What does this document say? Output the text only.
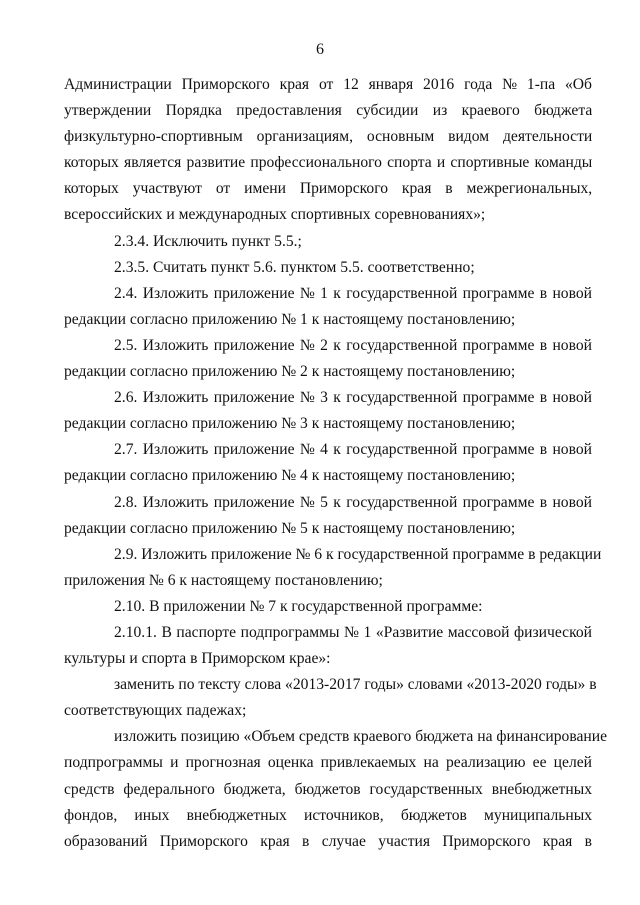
6
Администрации Приморского края от 12 января 2016 года № 1-па «Об
утверждении Порядка предоставления субсидии из краевого бюджета
физкультурно-спортивным организациям, основным видом деятельности
которых является развитие профессионального спорта и спортивные команды
которых участвуют от имени Приморского края в межрегиональных,
всероссийских и международных спортивных соревнованиях»;
2.3.4. Исключить пункт 5.5.;
2.3.5. Считать пункт 5.6. пунктом 5.5. соответственно;
2.4. Изложить приложение № 1 к государственной программе в новой
редакции согласно приложению № 1 к настоящему постановлению;
2.5. Изложить приложение № 2 к государственной программе в новой
редакции согласно приложению № 2 к настоящему постановлению;
2.6. Изложить приложение № 3 к государственной программе в новой
редакции согласно приложению № 3 к настоящему постановлению;
2.7. Изложить приложение № 4 к государственной программе в новой
редакции согласно приложению № 4 к настоящему постановлению;
2.8. Изложить приложение № 5 к государственной программе в новой
редакции согласно приложению № 5 к настоящему постановлению;
2.9. Изложить приложение № 6 к государственной программе в редакции
приложения № 6 к настоящему постановлению;
2.10. В приложении № 7 к государственной программе:
2.10.1. В паспорте подпрограммы № 1 «Развитие массовой физической
культуры и спорта в Приморском крае»:
заменить по тексту слова «2013-2017 годы» словами «2013-2020 годы» в
соответствующих падежах;
изложить позицию «Объем средств краевого бюджета на финансирование
подпрограммы и прогнозная оценка привлекаемых на реализацию ее целей
средств федерального бюджета, бюджетов государственных внебюджетных
фондов, иных внебюджетных источников, бюджетов муниципальных
образований Приморского края в случае участия Приморского края в
